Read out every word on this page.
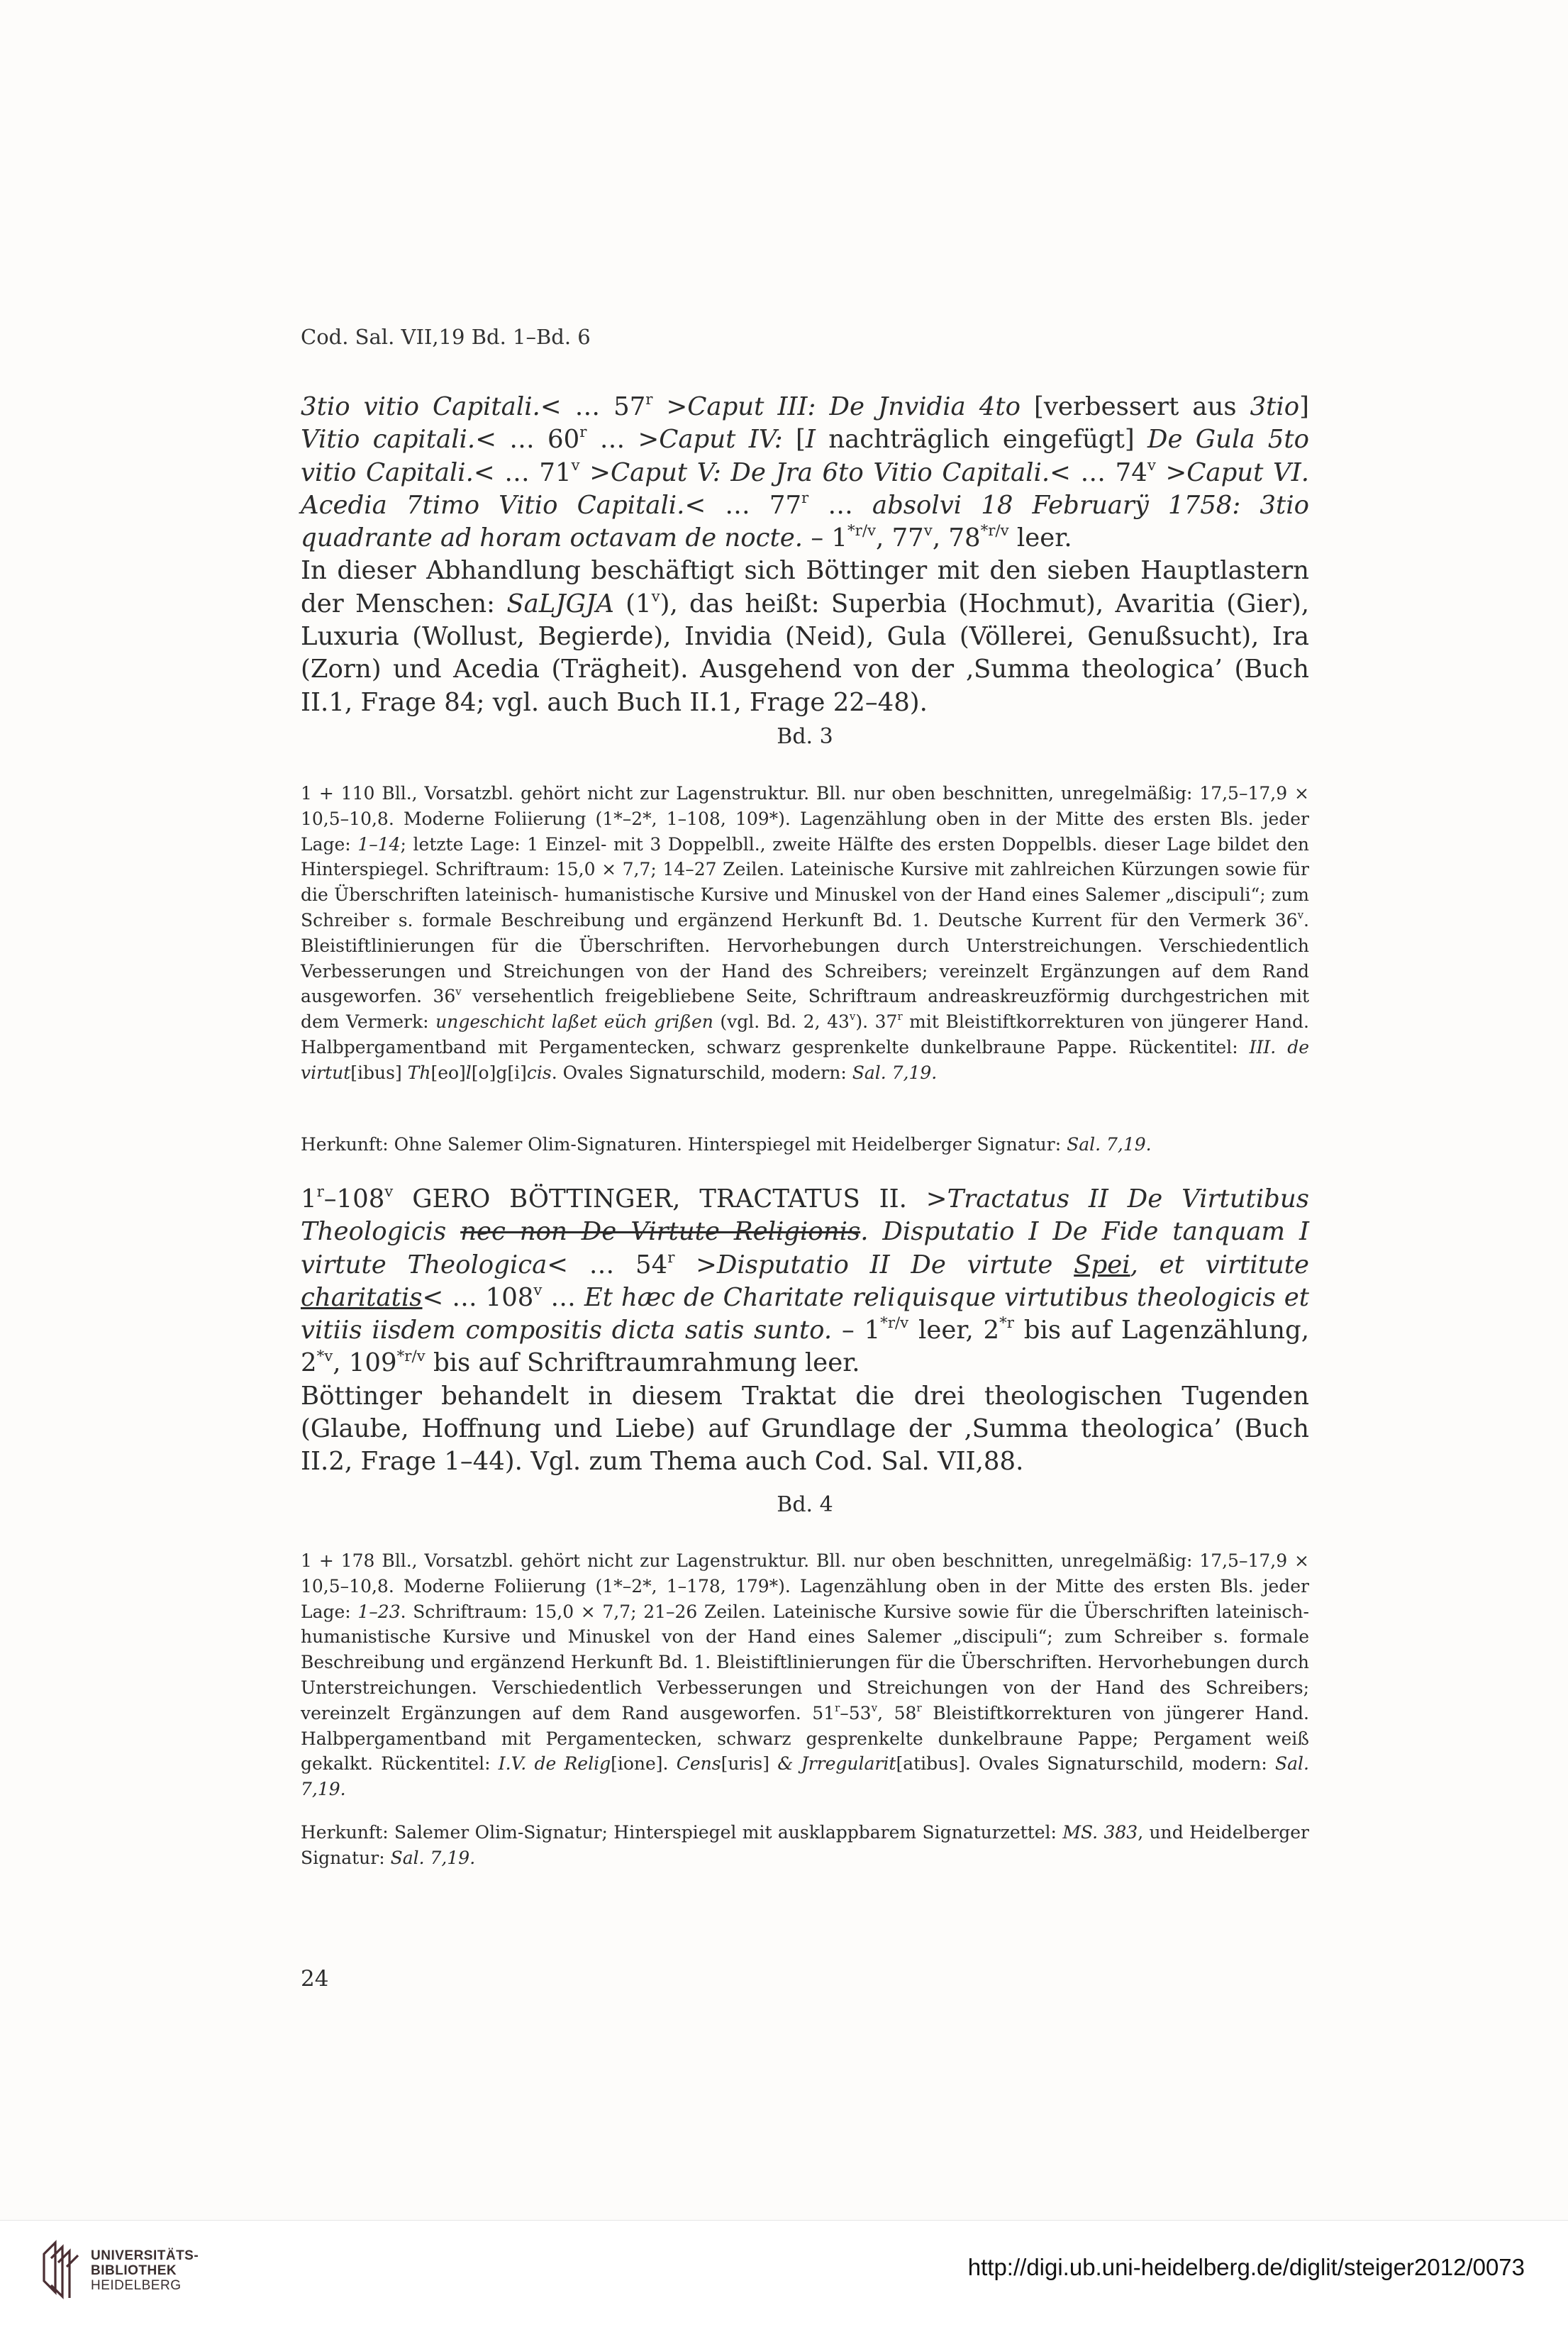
Cod. Sal. VII,19 Bd. 1–Bd. 6

3tio vitio Capitali.< … $57^r$ >Caput III: De Jnvidia 4to [verbessert aus 3tio] Vitio capitali.< … 60$^r$ … >Caput IV: [I nachträglich eingefügt] De Gula 5to vitio Capitali.< … $71^v$ >Caput V: De Jra 6to Vitio Capitali.< … $74^v$ >Caput VI. Acedia 7timo Vitio Capitali.< … 77$^r$ … absolvi 18 Februarÿ 1758: 3tio quadrante ad horam octavam de nocte. – $1^{*r/v}$, 77$^v$, $78^{*r/v}$ leer.

In dieser Abhandlung beschäftigt sich Böttinger mit den sieben Hauptlastern der Menschen: SaLJGJA (1$^v$), das heißt: Superbia (Hochmut), Avaritia (Gier), Luxuria (Wollust, Begierde), Invidia (Neid), Gula (Völlerei, Genußsucht), Ira (Zorn) und Acedia (Trägheit). Ausgehend von der ‚Summa theologica’ (Buch II.1, Frage 84; vgl. auch Buch II.1, Frage 22–48).

Bd. 3

1 + 110 Bll., Vorsatzbl. gehört nicht zur Lagenstruktur. Bll. nur oben beschnitten, unregelmäßig: 17,5–17,9 × 10,5–10,8. Moderne Foliierung (1*–2*, 1–108, 109*). Lagenzählung oben in der Mitte des ersten Bls. jeder Lage: 1–14; letzte Lage: 1 Einzel- mit 3 Doppelbll., zweite Hälfte des ersten Doppelbls. dieser Lage bildet den Hinterspiegel. Schriftraum: 15,0 × 7,7; 14–27 Zeilen. Lateinische Kursive mit zahlreichen Kürzungen sowie für die Überschriften lateinisch- humanistische Kursive und Minuskel von der Hand eines Salemer „discipuli“; zum Schreiber s. formale Beschreibung und ergänzend Herkunft Bd. 1. Deutsche Kurrent für den Vermerk 36$^v$. Bleistiftlinierungen für die Überschriften. Hervorhebungen durch Unterstreichungen. Verschiedentlich Verbesserungen und Streichungen von der Hand des Schreibers; vereinzelt Ergänzungen auf dem Rand ausgeworfen. 36$^v$ versehentlich freigebliebene Seite, Schriftraum andreaskreuzförmig durchgestrichen mit dem Vermerk: ungeschicht laßet eüch grißen (vgl. Bd. 2, 43$^v$). 37$^r$ mit Bleistiftkorrekturen von jüngerer Hand. Halbpergamentband mit Pergamentecken, schwarz gesprenkelte dunkelbraune Pappe. Rückentitel: III. de virtut[ibus] Th[eo]l[o]g[i]cis. Ovales Signaturschild, modern: Sal. 7,19.

Herkunft: Ohne Salemer Olim-Signaturen. Hinterspiegel mit Heidelberger Signatur: Sal. 7,19.

1$^r$–108$^v$ GERO BÖTTINGER, TRACTATUS II. >Tractatus II De Virtutibus Theologicis nec non De Virtute Religionis. Disputatio I De Fide tanquam I virtute Theologica< … $54^r$ >Disputatio II De virtute Spei, et virtitute charitatis< … 108$^v$ … Et hæc de Charitate reliquisque virtutibus theologicis et vitiis iisdem compositis dicta satis sunto. – $1^{*r/v}$ leer, 2$^{*r}$ bis auf Lagenzählung, 2$^{*v}$, $109^{*r/v}$ bis auf Schriftraumrahmung leer.

Böttinger behandelt in diesem Traktat die drei theologischen Tugenden (Glaube, Hoffnung und Liebe) auf Grundlage der ‚Summa theologica’ (Buch II.2, Frage 1–44). Vgl. zum Thema auch Cod. Sal. VII,88.

Bd. 4

1 + 178 Bll., Vorsatzbl. gehört nicht zur Lagenstruktur. Bll. nur oben beschnitten, unregelmäßig: 17,5–17,9 × 10,5–10,8. Moderne Foliierung (1*–2*, 1–178, 179*). Lagenzählung oben in der Mitte des ersten Bls. jeder Lage: 1–23. Schriftraum: 15,0 × 7,7; 21–26 Zeilen. Lateinische Kursive sowie für die Überschriften lateinisch-humanistische Kursive und Minuskel von der Hand eines Salemer „discipuli“; zum Schreiber s. formale Beschreibung und ergänzend Herkunft Bd. 1. Bleistiftlinierungen für die Überschriften. Hervorhebungen durch Unterstreichungen. Verschiedentlich Verbesserungen und Streichungen von der Hand des Schreibers; vereinzelt Ergänzungen auf dem Rand ausgeworfen. 51$^r$–53$^v$, 58$^r$ Bleistiftkorrekturen von jüngerer Hand. Halbpergamentband mit Pergamentecken, schwarz gesprenkelte dunkelbraune Pappe; Pergament weiß gekalkt. Rückentitel: I.V. de Relig[ione]. Cens[uris] & Jrregularit[atibus]. Ovales Signaturschild, modern: Sal. 7,19.

Herkunft: Salemer Olim-Signatur; Hinterspiegel mit ausklappbarem Signaturzettel: MS. 383, und Heidelberger Signatur: Sal. 7,19.

24
UNIVERSITÄTS-
BIBLIOTHEK
HEIDELBERG
http://digi.ub.uni-heidelberg.de/diglit/steiger2012/0073
